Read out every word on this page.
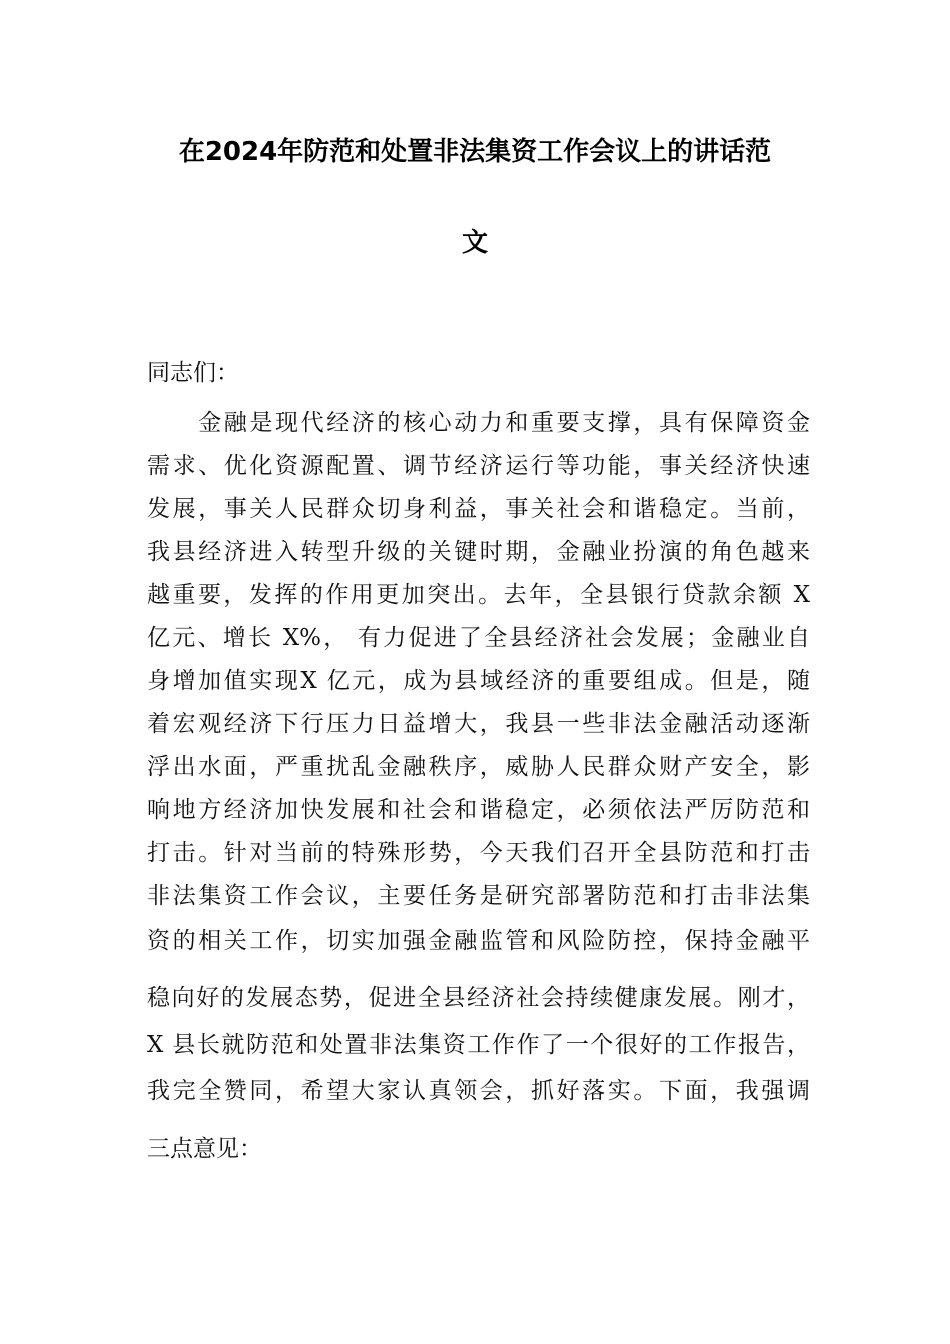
在2024年防范和处置非法集资工作会议上的讲话范
文
同志们：
　　金融是现代经济的核心动力和重要支撑，具有保障资金
需求、优化资源配置、调节经济运行等功能，事关经济快速
发展，事关人民群众切身利益，事关社会和谐稳定。当前，
我县经济进入转型升级的关键时期，金融业扮演的角色越来
越重要，发挥的作用更加突出。去年，全县银行贷款余额 X
亿元、增长 X%， 有力促进了全县经济社会发展；金融业自
身增加值实现X 亿元，成为县域经济的重要组成。但是，随
着宏观经济下行压力日益增大，我县一些非法金融活动逐渐
浮出水面，严重扰乱金融秩序，威胁人民群众财产安全，影
响地方经济加快发展和社会和谐稳定，必须依法严厉防范和
打击。针对当前的特殊形势，今天我们召开全县防范和打击
非法集资工作会议，主要任务是研究部署防范和打击非法集
资的相关工作，切实加强金融监管和风险防控，保持金融平
稳向好的发展态势，促进全县经济社会持续健康发展。刚才，
X 县长就防范和处置非法集资工作作了一个很好的工作报告，
我完全赞同，希望大家认真领会，抓好落实。下面，我强调
三点意见：
